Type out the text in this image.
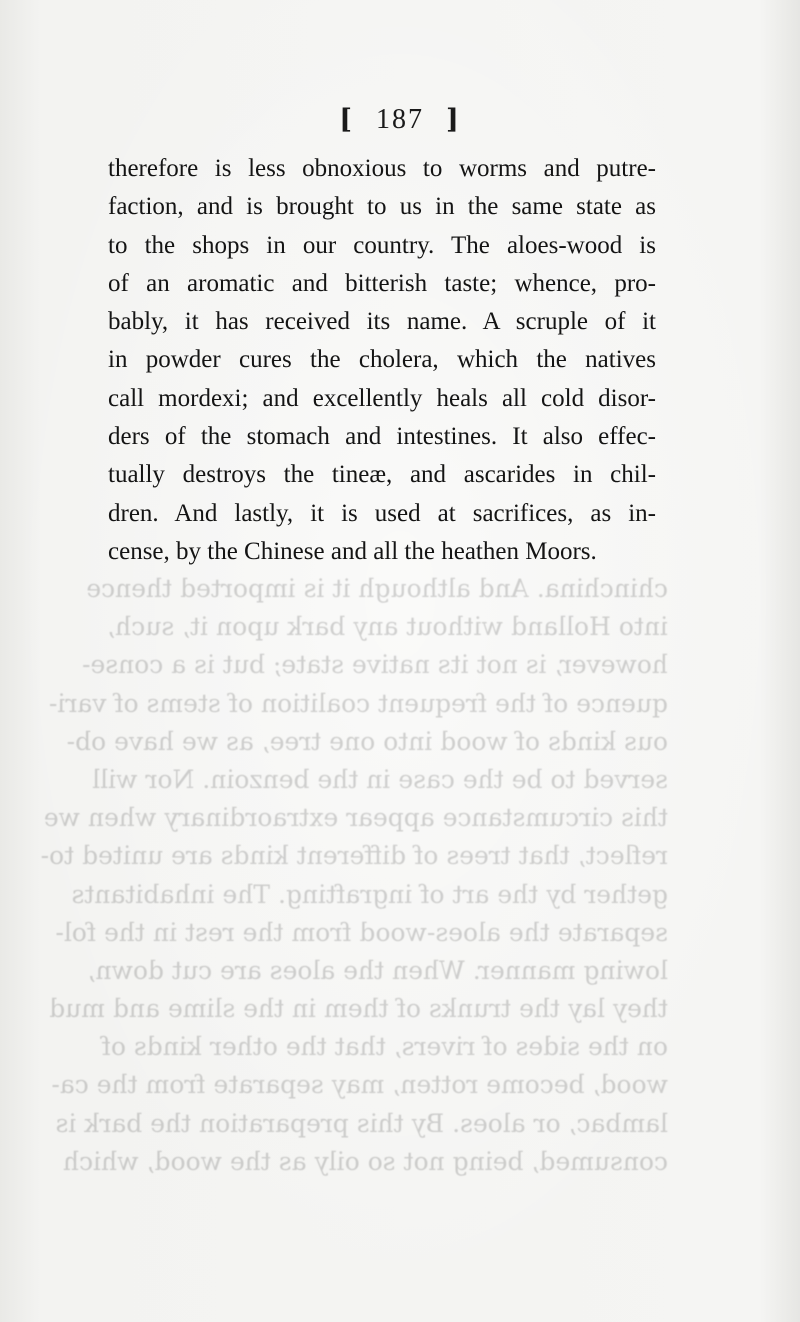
chinchina. And although it is imported thence
into Holland without any bark upon it, such,
however, is not its native state; but is a conse-
quence of the frequent coalition of stems of vari-
ous kinds of wood into one tree, as we have ob-
served to be the case in the benzoin. Nor will
this circumstance appear extraordinary when we
reflect, that trees of different kinds are united to-
gether by the art of ingrafting. The inhabitants
separate the aloes-wood from the rest in the fol-
lowing manner. When the aloes are cut down,
they lay the trunks of them in the slime and mud
on the sides of rivers, that the other kinds of
wood, become rotten, may separate from the ca-
lambac, or aloes. By this preparation the bark is
consumed, being not so oily as the wood, which
[ 187 ]
therefore is less obnoxious to worms and putre-
faction, and is brought to us in the same state as
to the shops in our country. The aloes-wood is
of an aromatic and bitterish taste; whence, pro-
bably, it has received its name. A scruple of it
in powder cures the cholera, which the natives
call mordexi; and excellently heals all cold disor-
ders of the stomach and intestines. It also effec-
tually destroys the tineæ, and ascarides in chil-
dren. And lastly, it is used at sacrifices, as in-
cense, by the Chinese and all the heathen Moors.
